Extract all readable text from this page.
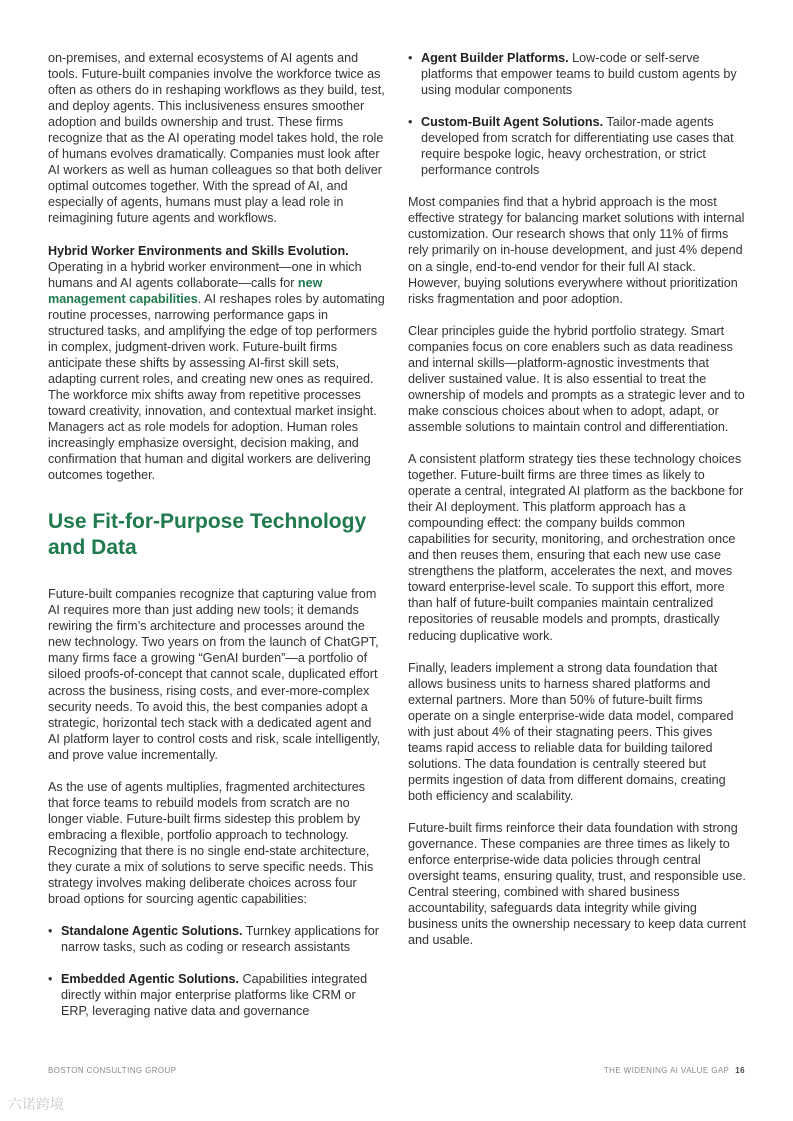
on-premises, and external ecosystems of AI agents and tools. Future-built companies involve the workforce twice as often as others do in reshaping workflows as they build, test, and deploy agents. This inclusiveness ensures smoother adoption and builds ownership and trust. These firms recognize that as the AI operating model takes hold, the role of humans evolves dramatically. Companies must look after AI workers as well as human colleagues so that both deliver optimal outcomes together. With the spread of AI, and especially of agents, humans must play a lead role in reimagining future agents and workflows.

Hybrid Worker Environments and Skills Evolution. Operating in a hybrid worker environment—one in which humans and AI agents collaborate—calls for new management capabilities. AI reshapes roles by automating routine processes, narrowing performance gaps in structured tasks, and amplifying the edge of top performers in complex, judgment-driven work. Future-built firms anticipate these shifts by assessing AI-first skill sets, adapting current roles, and creating new ones as required. The workforce mix shifts away from repetitive processes toward creativity, innovation, and contextual market insight. Managers act as role models for adoption. Human roles increasingly emphasize oversight, decision making, and confirmation that human and digital workers are delivering outcomes together.

Use Fit-for-Purpose Technology and Data

Future-built companies recognize that capturing value from AI requires more than just adding new tools; it demands rewiring the firm’s architecture and processes around the new technology. Two years on from the launch of ChatGPT, many firms face a growing “GenAI burden”—a portfolio of siloed proofs-of-concept that cannot scale, duplicated effort across the business, rising costs, and ever-more-complex security needs. To avoid this, the best companies adopt a strategic, horizontal tech stack with a dedicated agent and AI platform layer to control costs and risk, scale intelligently, and prove value incrementally.

As the use of agents multiplies, fragmented architectures that force teams to rebuild models from scratch are no longer viable. Future-built firms sidestep this problem by embracing a flexible, portfolio approach to technology. Recognizing that there is no single end-state architecture, they curate a mix of solutions to serve specific needs. This strategy involves making deliberate choices across four broad options for sourcing agentic capabilities:

• Standalone Agentic Solutions. Turnkey applications for narrow tasks, such as coding or research assistants
• Embedded Agentic Solutions. Capabilities integrated directly within major enterprise platforms like CRM or ERP, leveraging native data and governance
• Agent Builder Platforms. Low-code or self-serve platforms that empower teams to build custom agents by using modular components
• Custom-Built Agent Solutions. Tailor-made agents developed from scratch for differentiating use cases that require bespoke logic, heavy orchestration, or strict performance controls

Most companies find that a hybrid approach is the most effective strategy for balancing market solutions with internal customization. Our research shows that only 11% of firms rely primarily on in-house development, and just 4% depend on a single, end-to-end vendor for their full AI stack. However, buying solutions everywhere without prioritization risks fragmentation and poor adoption.

Clear principles guide the hybrid portfolio strategy. Smart companies focus on core enablers such as data readiness and internal skills—platform-agnostic investments that deliver sustained value. It is also essential to treat the ownership of models and prompts as a strategic lever and to make conscious choices about when to adopt, adapt, or assemble solutions to maintain control and differentiation.

A consistent platform strategy ties these technology choices together. Future-built firms are three times as likely to operate a central, integrated AI platform as the backbone for their AI deployment. This platform approach has a compounding effect: the company builds common capabilities for security, monitoring, and orchestration once and then reuses them, ensuring that each new use case strengthens the platform, accelerates the next, and moves toward enterprise-level scale. To support this effort, more than half of future-built companies maintain centralized repositories of reusable models and prompts, drastically reducing duplicative work.

Finally, leaders implement a strong data foundation that allows business units to harness shared platforms and external partners. More than 50% of future-built firms operate on a single enterprise-wide data model, compared with just about 4% of their stagnating peers. This gives teams rapid access to reliable data for building tailored solutions. The data foundation is centrally steered but permits ingestion of data from different domains, creating both efficiency and scalability.

Future-built firms reinforce their data foundation with strong governance. These companies are three times as likely to enforce enterprise-wide data policies through central oversight teams, ensuring quality, trust, and responsible use. Central steering, combined with shared business accountability, safeguards data integrity while giving business units the ownership necessary to keep data current and usable.

BOSTON CONSULTING GROUP	THE WIDENING AI VALUE GAP 16
六诺跨境
